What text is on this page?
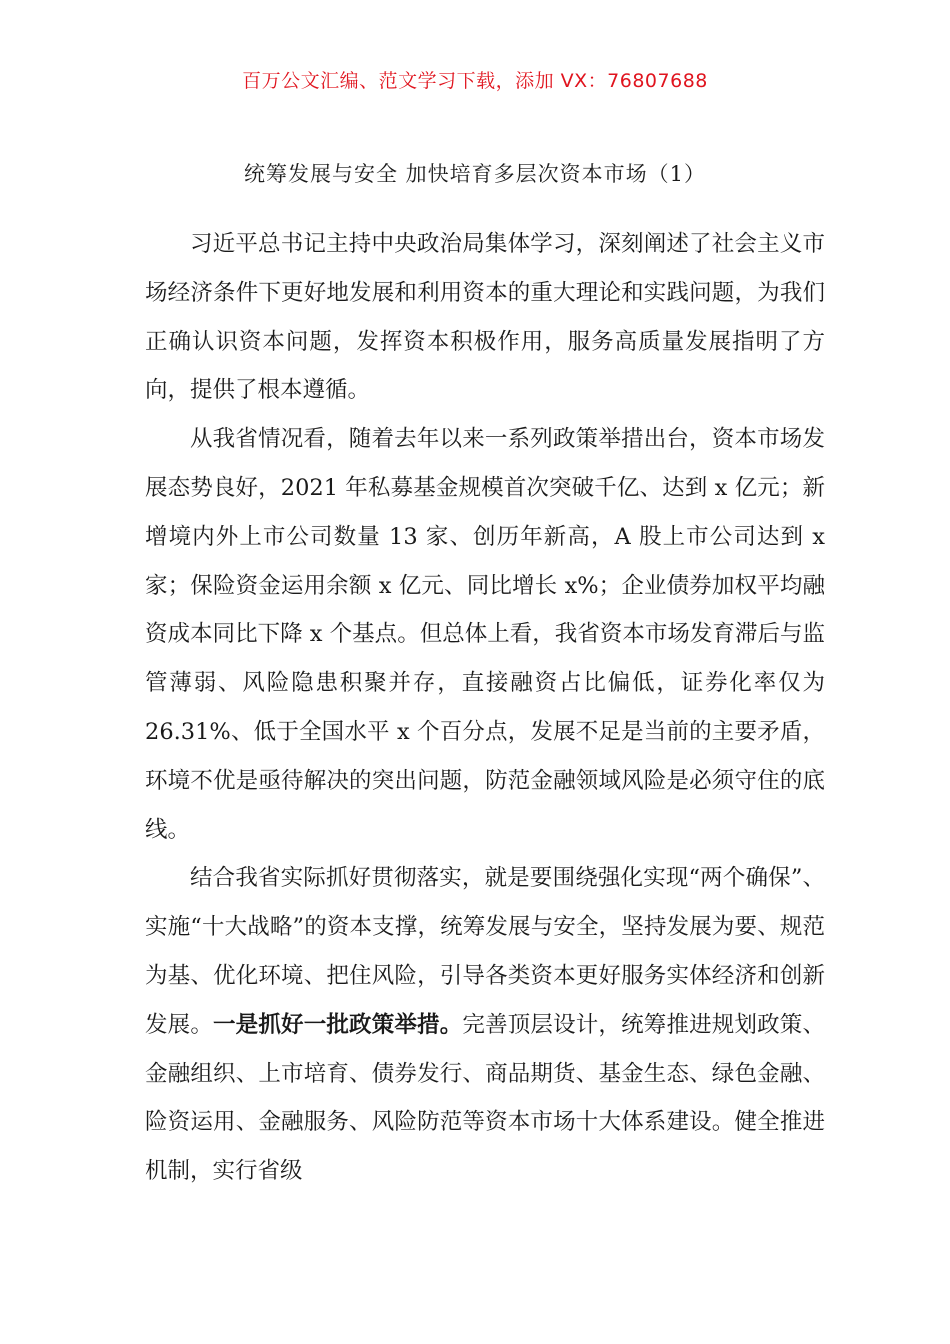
百万公文汇编、范文学习下载，添加 VX：76807688
统筹发展与安全 加快培育多层次资本市场（1）

习近平总书记主持中央政治局集体学习，深刻阐述了社会主义市场经济条件下更好地发展和利用资本的重大理论和实践问题，为我们正确认识资本问题，发挥资本积极作用，服务高质量发展指明了方向，提供了根本遵循。

从我省情况看，随着去年以来一系列政策举措出台，资本市场发展态势良好，2021 年私募基金规模首次突破千亿、达到 x 亿元；新增境内外上市公司数量 13 家、创历年新高，A 股上市公司达到 x 家；保险资金运用余额 x 亿元、同比增长 x%；企业债券加权平均融资成本同比下降 x 个基点。但总体上看，我省资本市场发育滞后与监管薄弱、风险隐患积聚并存，直接融资占比偏低，证券化率仅为 26.31%、低于全国水平 x 个百分点，发展不足是当前的主要矛盾，环境不优是亟待解决的突出问题，防范金融领域风险是必须守住的底线。

结合我省实际抓好贯彻落实，就是要围绕强化实现“两个确保”、实施“十大战略”的资本支撑，统筹发展与安全，坚持发展为要、规范为基、优化环境、把住风险，引导各类资本更好服务实体经济和创新发展。一是抓好一批政策举措。完善顶层设计，统筹推进规划政策、金融组织、上市培育、债券发行、商品期货、基金生态、绿色金融、险资运用、金融服务、风险防范等资本市场十大体系建设。健全推进机制，实行省级
